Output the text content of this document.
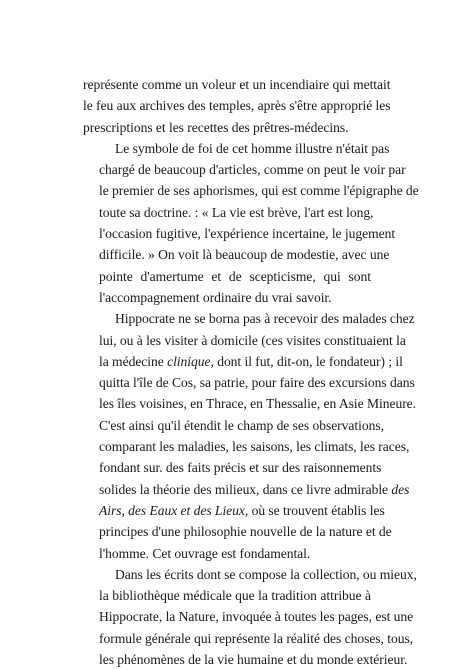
représente comme un voleur et un incendiaire qui mettait
le feu aux archives des temples, après s'être approprié les
prescriptions et les recettes des prêtres-médecins.

Le symbole de foi de cet homme illustre n'était pas
chargé de beaucoup d'articles, comme on peut le voir par
le premier de ses aphorismes, qui est comme l'épigraphe de
toute sa doctrine. : « La vie est brève, l'art est long,
l'occasion fugitive, l'expérience incertaine, le jugement
difficile. » On voit là beaucoup de modestie, avec une
pointe d'amertume et de scepticisme, qui sont
l'accompagnement ordinaire du vrai savoir.

Hippocrate ne se borna pas à recevoir des malades chez
lui, ou à les visiter à domicile (ces visites constituaient la
la médecine clinique, dont il fut, dit-on, le fondateur) ; il
quitta l'île de Cos, sa patrie, pour faire des excursions dans
les îles voisines, en Thrace, en Thessalie, en Asie Mineure.
C'est ainsi qu'il étendit le champ de ses observations,
comparant les maladies, les saisons, les climats, les races,
fondant sur. des faits précis et sur des raisonnements
solides la théorie des milieux, dans ce livre admirable des
Airs, des Eaux et des Lieux, où se trouvent établis les
principes d'une philosophie nouvelle de la nature et de
l'homme. Cet ouvrage est fondamental.

Dans les écrits dont se compose la collection, ou mieux,
la bibliothèque médicale que la tradition attribue à
Hippocrate, la Nature, invoquée à toutes les pages, est une
formule générale qui représente la réalité des choses, tous,
les phénomènes de la vie humaine et du monde extérieur.
